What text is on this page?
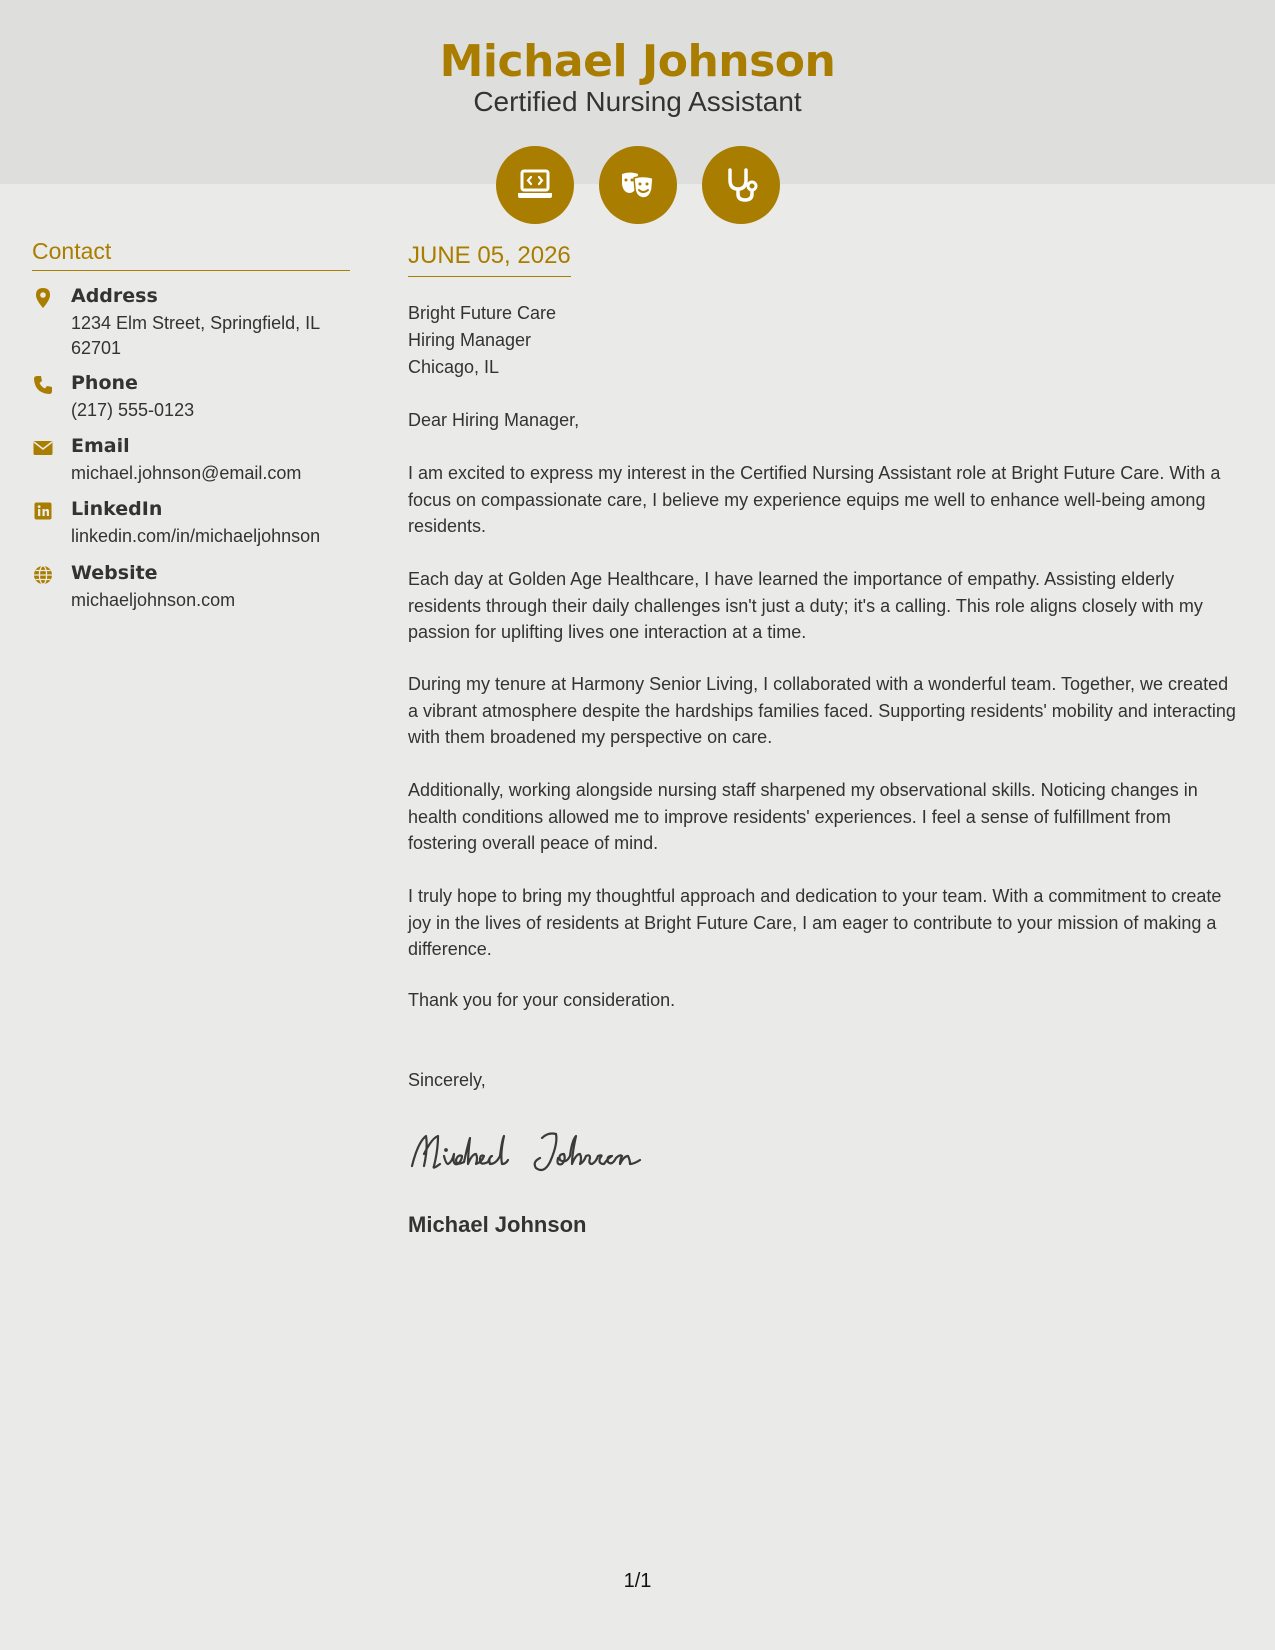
Michael Johnson
Certified Nursing Assistant
Contact
Address
1234 Elm Street, Springfield, IL 62701
Phone
(217) 555-0123
Email
michael.johnson@email.com
LinkedIn
linkedin.com/in/michaeljohnson
Website
michaeljohnson.com
JUNE 05, 2026
Bright Future Care
Hiring Manager
Chicago, IL
Dear Hiring Manager,
I am excited to express my interest in the Certified Nursing Assistant role at Bright Future Care. With a focus on compassionate care, I believe my experience equips me well to enhance well-being among residents.
Each day at Golden Age Healthcare, I have learned the importance of empathy. Assisting elderly residents through their daily challenges isn't just a duty; it's a calling. This role aligns closely with my passion for uplifting lives one interaction at a time.
During my tenure at Harmony Senior Living, I collaborated with a wonderful team. Together, we created a vibrant atmosphere despite the hardships families faced. Supporting residents' mobility and interacting with them broadened my perspective on care.
Additionally, working alongside nursing staff sharpened my observational skills. Noticing changes in health conditions allowed me to improve residents' experiences. I feel a sense of fulfillment from fostering overall peace of mind.
I truly hope to bring my thoughtful approach and dedication to your team. With a commitment to create joy in the lives of residents at Bright Future Care, I am eager to contribute to your mission of making a difference.
Thank you for your consideration.
Sincerely,
Michael Johnson
1/1
